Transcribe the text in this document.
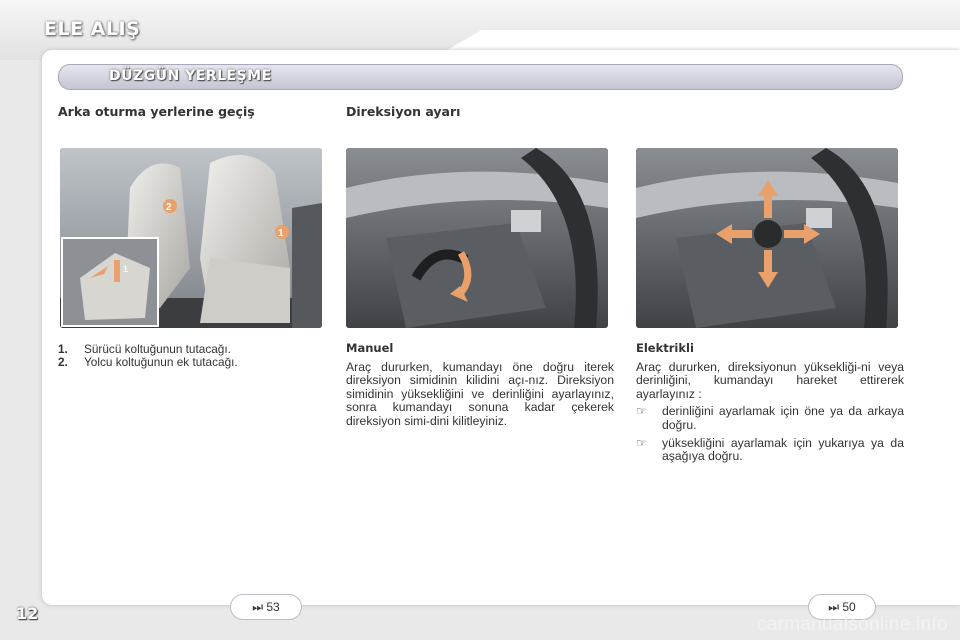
ELE ALIŞ
DÜZGÜN YERLEŞME
Arka oturma yerlerine geçiş	Direksiyon ayarı
2
1
1
1. Sürücü koltuğunun tutacağı.
2. Yolcu koltuğunun ek tutacağı.
Manuel
Araç dururken, kumandayı öne doğru iterek direksiyon simidinin kilidini açı-nız. Direksiyon simidinin yüksekliğini ve derinliğini ayarlayınız, sonra kumandayı sonuna kadar çekerek direksiyon simi-dini kilitleyiniz.
Elektrikli
Araç dururken, direksiyonun yüksekliği-ni veya derinliğini, kumandayı hareket ettirerek ayarlayınız :
☞ derinliğini ayarlamak için öne ya da arkaya doğru.
☞ yüksekliğini ayarlamak için yukarıya ya da aşağıya doğru.
⏭ 53	⏭ 50
12
carmanualsonline.info
